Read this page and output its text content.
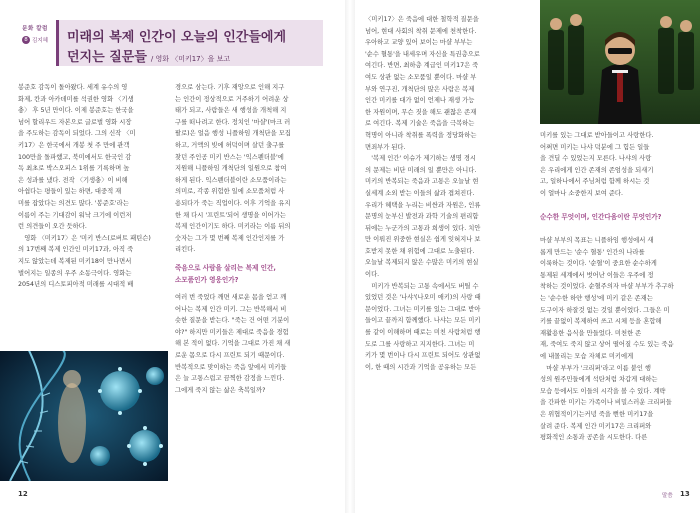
문화 칼럼
8 김지혜 미래의 복제 인간이 오늘의 인간들에게
던지는 질문들 / 영화 〈미키17〉을 보고

봉준호 감독이 돌아왔다. 세계 유수의 영

화제, 칸과 아카데미를 석권한 영화 〈기생

충〉 후 5년 만이다. 이제 봉준호는 한국을

넘어 할리우드 자본으로 글로벌 영화 시장

을 주도하는 감독이 되었다. 그의 신작 〈미

키17〉은 한국에서 개봉 첫 주 만에 관객

100만을 돌파했고, 북미에서도 한국인 감

독 최초로 박스오피스 1위를 기록하며 높

은 성과를 냈다. 전작 〈기생충〉이 비해

아쉽다는 평들이 있는 하면, 대중적 재

미를 잡았다는 의견도 많다. '봉준호'라는

이름이 주는 기대감이 워낙 크기에 이런저

런 의견들이 오간 듯하다.

　영화 〈미키17〉은 '미키 반스(로버트 패틴슨)

의 17번째 복제 인간인 미키17과, 아직 죽

지도 않았는데 복제된 미키18이 만나면서

벌어지는 일종의 우주 소동극이다. 영화는

2054년의 디스토피아적 미래를 시대적 배

경으로 삼는다. 기후 재앙으로 인해 지구

는 인간이 정상적으로 거주하기 어려운 상

태가 되고, 사람들은 새 행성을 개척해 지

구를 떠나려고 한다. 정치인 '마샬'(마크 러

팔로)은 얼음 행성 니플하임 개척단을 모집

하고, 거액의 빚에 허덕이며 살던 출구를

찾던 주인공 미키 반스는 '익스펜더블'에

지원해 니플하임 개척단의 일원으로 참여

하게 된다. 익스펜더블이란 소모품이라는

의미로, 각종 위험한 일에 소모품처럼 사

용되다가 죽는 직업이다. 이후 기억을 유지

한 채 다시 '프린트'되어 생명을 이어가는

복제 인간이기도 하다. 미키라는 이름 뒤의

숫자는 그가 몇 번째 복제 인간인지를 가

리킨다.

죽음으로 사람을 살리는 복제 인간,

소모품인가 영웅인가?

여러 번 죽었다 깨면 새로운 몸을 얻고 깨

어나는 복제 인간 미키. 그는 반복해서 비

슷한 질문을 받는다. "죽는 건 어떤 기분이

야?" 하지만 미키들은 제대로 죽음을 경험

해 본 적이 없다. 기억을 그대로 가진 채 새

로운 몸으로 다시 프린트 되기 때문이다.

반복적으로 맞이하는 죽음 앞에서 미키들

은 늘 고통스럽고 끔찍한 감정을 느낀다.

그에게 죽지 않는 삶은 축복일까?

12

〈미키17〉은 죽음에 대한 철학적 질문을

넘어, 현대 사회의 착취 문제에 천착한다.

우아하고 교양 있어 보이는 마샬 부부는

'순수 혈통'을 내세우며 자신을 특권층으로

여긴다. 반면, 최하층 계급인 미키17은 죽

여도 상관 없는 소모품일 뿐이다. 마샬 부

부와 연구진, 개척단의 많은 사람은 복제

인간 미키를 대가 없이 언제나 재생 가능

한 자원이며, 무슨 짓을 해도 괜찮은 존재

로 여긴다. 복제 기술은 죽음을 극복하는

혁명이 아니라 착취를 폭력을 정당화하는

면죄부가 된다.

　'복제 인간' 이슈가 제기하는 생명 경시

의 문제는 비단 미래의 일 뿐만은 아니다.

미키의 반복되는 죽음과 고통은 오늘날 현

실세계 소외 받는 이들의 삶과 겹쳐진다.

우리가 혜택을 누리는 비싼과 자원은, 인류

문명의 눈부신 발전과 과학 기술의 편리함

뒤에는 누군가의 고통과 희생이 있다. 치안

만 이뤄진 위중한 현실은 쉽게 잊혀지나 보

호받지 못한 채 위험에 그대로 노출된다.

오늘날 복제되지 않은 수많은 미키의 현실

이다.

　미키가 반복되는 고통 속에서도 버틸 수

있었던 것은 '나샤'(나오미 애키)의 사랑 때

문이었다. 그녀는 미키를 있는 그대로 받아

들이고 끝까지 함께했다. 나샤는 모든 미키

를 같이 이해하며 때로는 미친 사람처럼 행

도로 그를 사랑하고 지지한다. 그녀는 미

키가 몇 번이나 다시 프린트 되어도 상관없

이, 한 때의 시간과 기억을 공유하는 모든

미키를 있는 그대로 받아들이고 사랑한다.

어쩌면 미키는 나샤 덕분에 그 힘든 일들

을 견딜 수 있었는지 모른다. 나샤의 사랑

은 우리에게 인간 존재의 존엄성을 되새기

고, 일하나에서 주님처럼 함께 하시는 것

이 얼마나 소중한지 보여 준다.

순수한 무엇이며, 인간다움이란 무엇인가?

마샬 부부의 목표는 니플하임 행성에서 새

롭게 만드는 '순수 혈통' 인간의 나라를

이룩하는 것이다. '순혈'이 중요한 순수하게

통제된 세계에서 벗어난 이들은 우주에 정

착하는 것이었다. 순혈주의자 마샬 부부가 추구하

는 '순수한 하얀 행성'에 미키 같은 존재는

도구이자 하잘것 없는 것일 뿐이었다. 그들은 미

키를 끝없이 복제하여 쓰고 시체 등을 혼합해

재활용한 음식을 만들었다. 미천한 존

재, 죽여도 죽지 않고 상어 떨어질 수도 있는 죽음

에 내몰리는 모습 자체로 미키에게

　마샬 부부가 '크리퍼'라고 이름 붙인 행

성의 원주민들에게 석탄처럼 차갑게 대하는

모습 등에서도 이들의 시각을 볼 수 있다. 계략

을 간파한 미키는 가족이나 비밀스러운 크리퍼들

은 위협적이기는커녕 죽을 뻔한 미키17을

살려 준다. 복제 인간 미키17은 크리퍼와

평화적인 소통과 공존을 시도한다. 다른

말씀 13
